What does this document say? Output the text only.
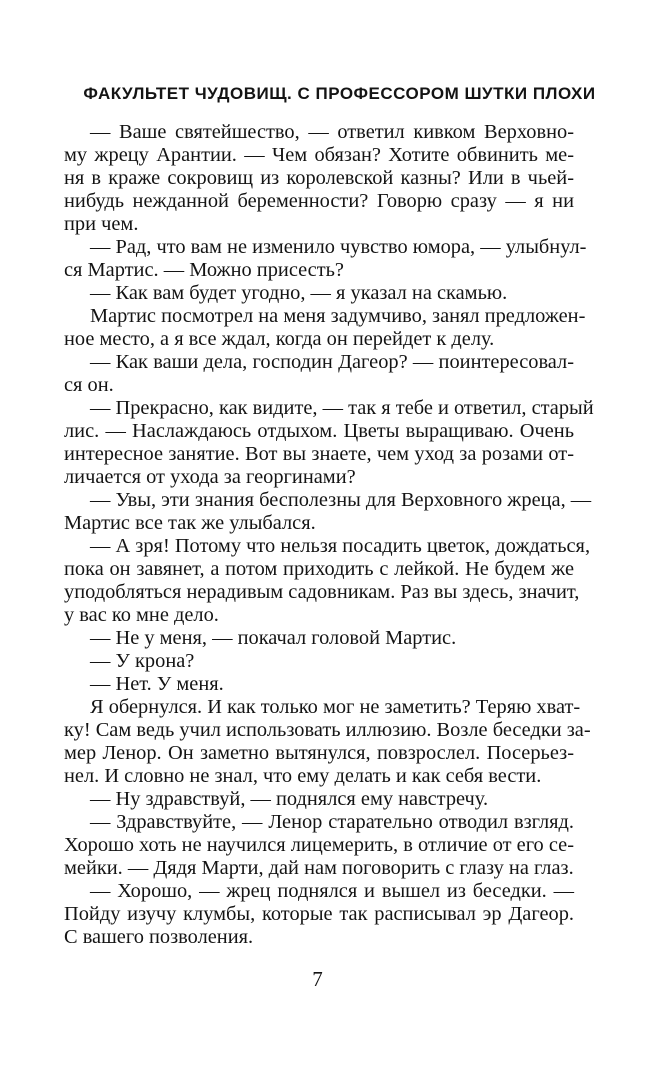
ФАКУЛЬТЕТ ЧУДОВИЩ. С ПРОФЕССОРОМ ШУТКИ ПЛОХИ
— Ваше святейшество, — ответил кивком Верховно-
му жрецу Арантии. — Чем обязан? Хотите обвинить ме-
ня в краже сокровищ из королевской казны? Или в чьей-
нибудь нежданной беременности? Говорю сразу — я ни
при чем.
— Рад, что вам не изменило чувство юмора, — улыбнул-
ся Мартис. — Можно присесть?
— Как вам будет угодно, — я указал на скамью.
Мартис посмотрел на меня задумчиво, занял предложен-
ное место, а я все ждал, когда он перейдет к делу.
— Как ваши дела, господин Дагеор? — поинтересовал-
ся он.
— Прекрасно, как видите, — так я тебе и ответил, старый
лис. — Наслаждаюсь отдыхом. Цветы выращиваю. Очень
интересное занятие. Вот вы знаете, чем уход за розами от-
личается от ухода за георгинами?
— Увы, эти знания бесполезны для Верховного жреца, —
Мартис все так же улыбался.
— А зря! Потому что нельзя посадить цветок, дождаться,
пока он завянет, а потом приходить с лейкой. Не будем же
уподобляться нерадивым садовникам. Раз вы здесь, значит,
у вас ко мне дело.
— Не у меня, — покачал головой Мартис.
— У крона?
— Нет. У меня.
Я обернулся. И как только мог не заметить? Теряю хват-
ку! Сам ведь учил использовать иллюзию. Возле беседки за-
мер Ленор. Он заметно вытянулся, повзрослел. Посерьез-
нел. И словно не знал, что ему делать и как себя вести.
— Ну здравствуй, — поднялся ему навстречу.
— Здравствуйте, — Ленор старательно отводил взгляд.
Хорошо хоть не научился лицемерить, в отличие от его се-
мейки. — Дядя Марти, дай нам поговорить с глазу на глаз.
— Хорошо, — жрец поднялся и вышел из беседки. —
Пойду изучу клумбы, которые так расписывал эр Дагеор.
С вашего позволения.
7
